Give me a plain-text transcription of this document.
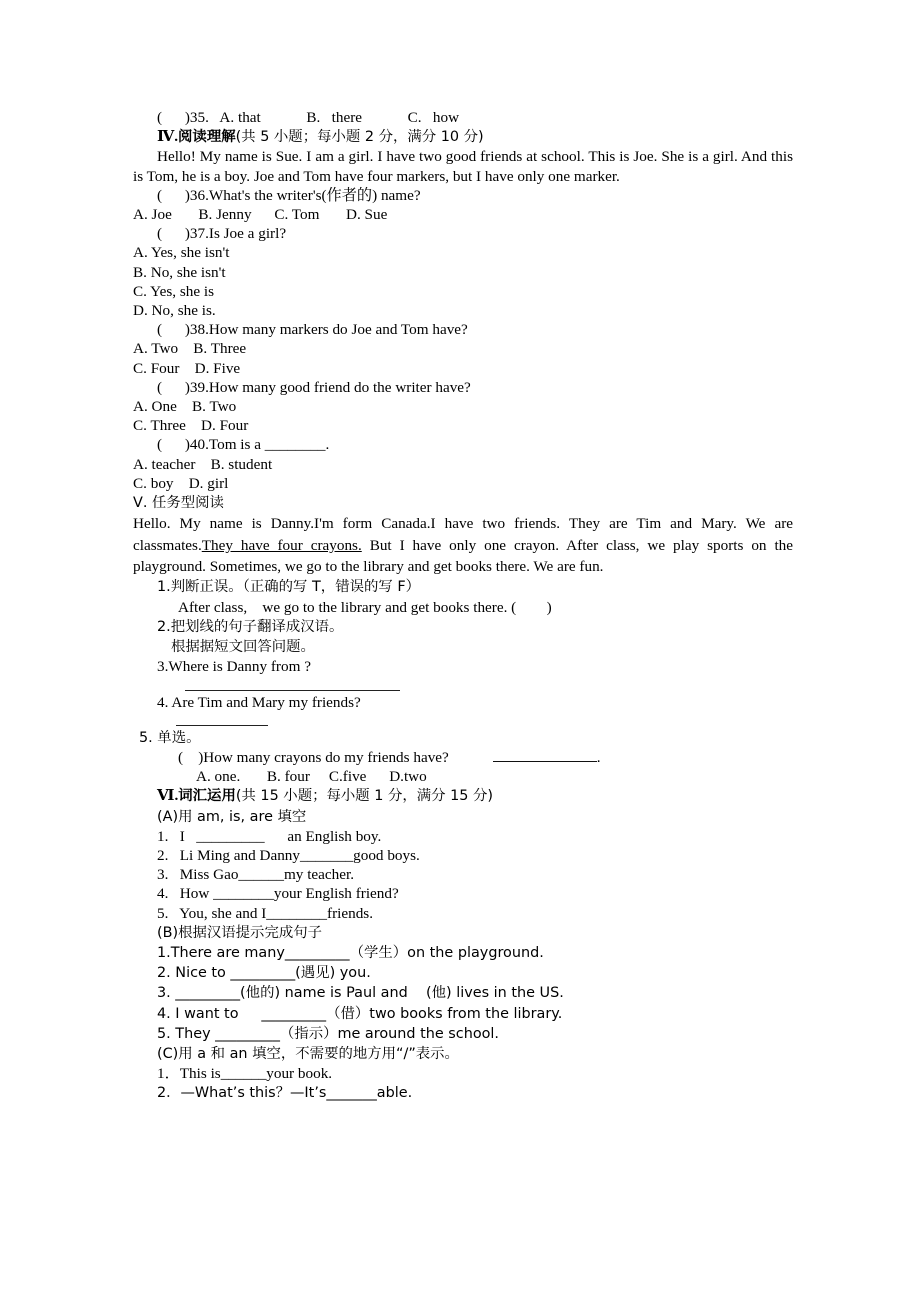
(      )35.   A. that            B.   there            C.   how
Ⅳ.阅读理解(共 5 小题；每小题 2 分，满分 10 分)
Hello! My name is Sue. I am a girl. I have two good friends at school. This is Joe. She is a girl. And this is Tom, he is a boy. Joe and Tom have four markers, but I have only one marker.
(      )36.What's the writer's(作者的) name?
A. Joe       B. Jenny      C. Tom       D. Sue
(      )37.Is Joe a girl?
A. Yes, she isn't
B. No, she isn't
C. Yes, she is
D. No, she is.
(      )38.How many markers do Joe and Tom have?
A. Two    B. Three
C. Four    D. Five
(      )39.How many good friend do the writer have?
A. One    B. Two
C. Three    D. Four
(      )40.Tom is a ________.
A. teacher    B. student
C. boy    D. girl
Ⅴ. 任务型阅读
Hello. My name is Danny.I'm form Canada.I have two friends. They are Tim and Mary. We are classmates.They have four crayons. But I have only one crayon. After class, we play sports on the playground. Sometimes, we go to the library and get books there. We are fun.
1.判断正误。（正确的写 T，错误的写 F）
After class,    we go to the library and get books there. (        )
2.把划线的句子翻译成汉语。
根据据短文回答问题。
3.Where is Danny from ?
4. Are Tim and Mary my friends?
5. 单选。
(    )How many crayons do my friends have?	.
A. one.       B. four     C.five      D.two
Ⅵ.词汇运用(共 15 小题；每小题 1 分，满分 15 分)
(A)用 am, is, are 填空
1.   I   _________      an English boy.
2.   Li Ming and Danny_______good boys.
3.   Miss Gao______my teacher.
4.   How ________your English friend?
5.   You, she and I________friends.
(B)根据汉语提示完成句子
1.There are many_________（学生）on the playground.
2. Nice to _________(遇见) you.
3. _________(他的) name is Paul and    (他) lives in the US.
4. I want to     _________（借）two books from the library.
5. They _________（指示）me around the school.
(C)用 a 和 an 填空，不需要的地方用“/”表示。
1．This is______your book.
2．—What’s this？—It’s_______able.
